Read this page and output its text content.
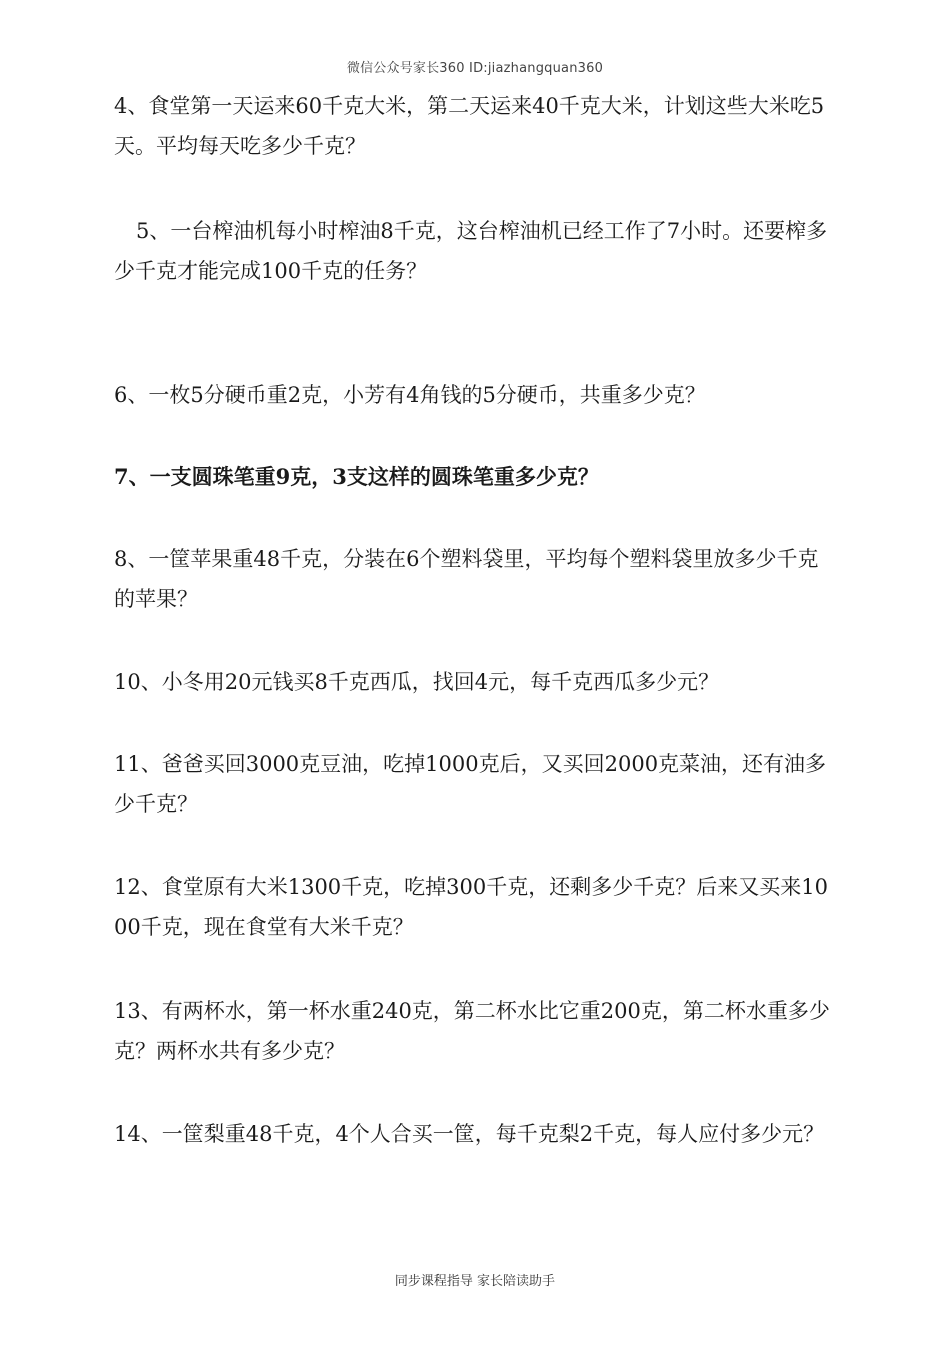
微信公众号家长360 ID:jiazhangquan360

4、食堂第一天运来60千克大米，第二天运来40千克大米，计划这些大米吃5天。平均每天吃多少千克？

5、一台榨油机每小时榨油8千克，这台榨油机已经工作了7小时。还要榨多少千克才能完成100千克的任务？

6、一枚5分硬币重2克，小芳有4角钱的5分硬币，共重多少克？

7、一支圆珠笔重9克，3支这样的圆珠笔重多少克？

8、一筐苹果重48千克，分装在6个塑料袋里，平均每个塑料袋里放多少千克的苹果？

10、小冬用20元钱买8千克西瓜，找回4元，每千克西瓜多少元？

11、爸爸买回3000克豆油，吃掉1000克后，又买回2000克菜油，还有油多少千克？

12、食堂原有大米1300千克，吃掉300千克，还剩多少千克？后来又买来1000千克，现在食堂有大米千克？

13、有两杯水，第一杯水重240克，第二杯水比它重200克，第二杯水重多少克？两杯水共有多少克？

14、一筐梨重48千克，4个人合买一筐，每千克梨2千克，每人应付多少元？

同步课程指导 家长陪读助手
